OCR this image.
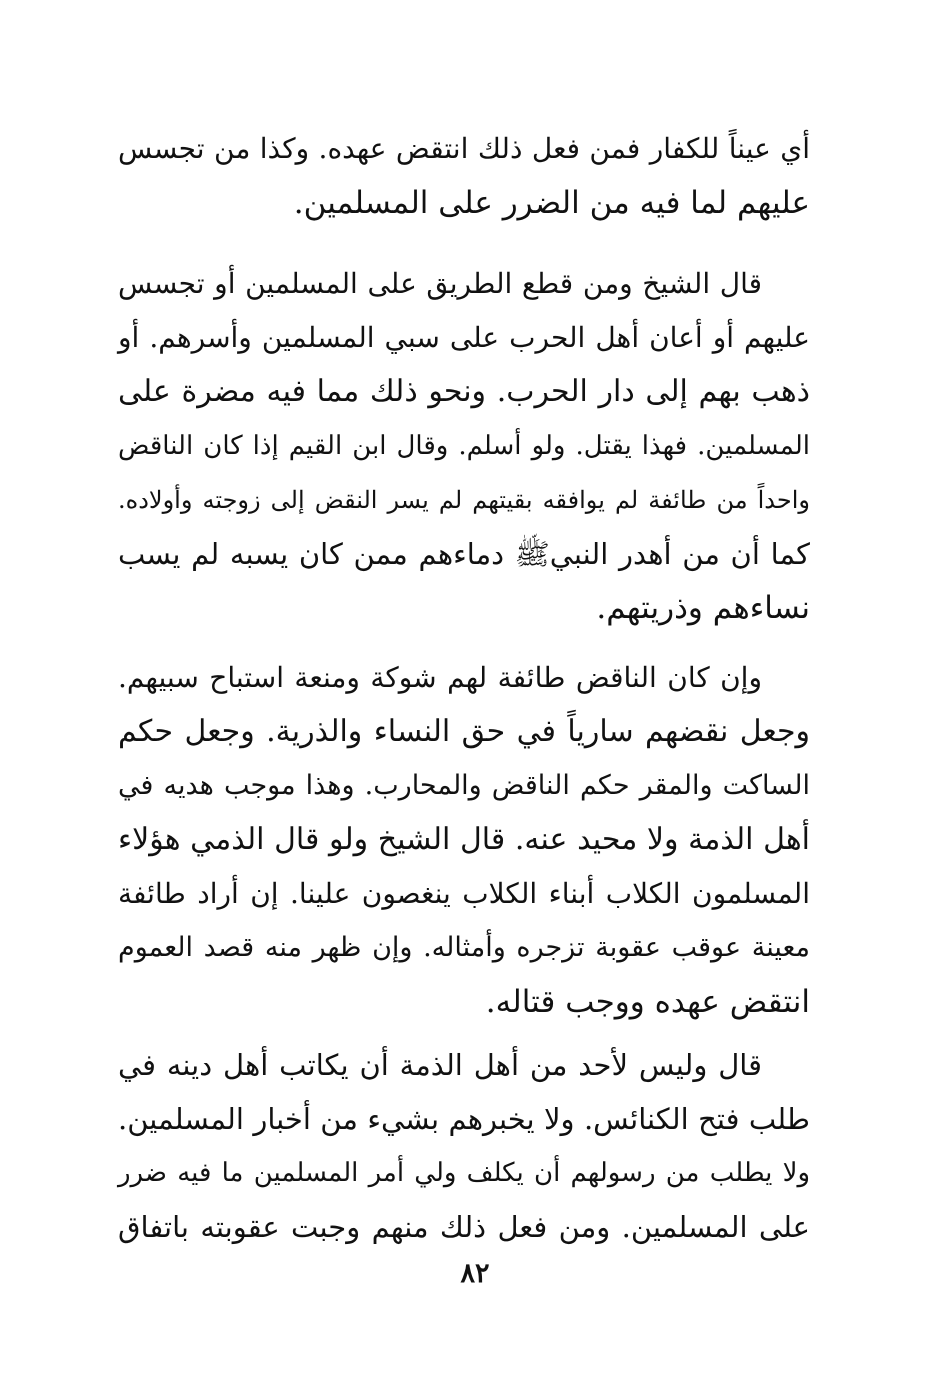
أي عيناً للكفار فمن فعل ذلك انتقض عهده. وكذا من تجسس
عليهم لما فيه من الضرر على المسلمين.
قال الشيخ ومن قطع الطريق على المسلمين أو تجسس
عليهم أو أعان أهل الحرب على سبي المسلمين وأسرهم. أو
ذهب بهم إلى دار الحرب. ونحو ذلك مما فيه مضرة على
المسلمين. فهذا يقتل. ولو أسلم. وقال ابن القيم إذا كان الناقض
واحداً من طائفة لم يوافقه بقيتهم لم يسر النقض إلى زوجته وأولاده.
كما أن من أهدر النبيﷺ دماءهم ممن كان يسبه لم يسب
نساءهم وذريتهم.
وإن كان الناقض طائفة لهم شوكة ومنعة استباح سبيهم.
وجعل نقضهم سارياً في حق النساء والذرية. وجعل حكم
الساكت والمقر حكم الناقض والمحارب. وهذا موجب هديه في
أهل الذمة ولا محيد عنه. قال الشيخ ولو قال الذمي هؤلاء
المسلمون الكلاب أبناء الكلاب ينغصون علينا. إن أراد طائفة
معينة عوقب عقوبة تزجره وأمثاله. وإن ظهر منه قصد العموم
انتقض عهده ووجب قتاله.
قال وليس لأحد من أهل الذمة أن يكاتب أهل دينه في
طلب فتح الكنائس. ولا يخبرهم بشيء من أخبار المسلمين.
ولا يطلب من رسولهم أن يكلف ولي أمر المسلمين ما فيه ضرر
على المسلمين. ومن فعل ذلك منهم وجبت عقوبته باتفاق
٨٢
